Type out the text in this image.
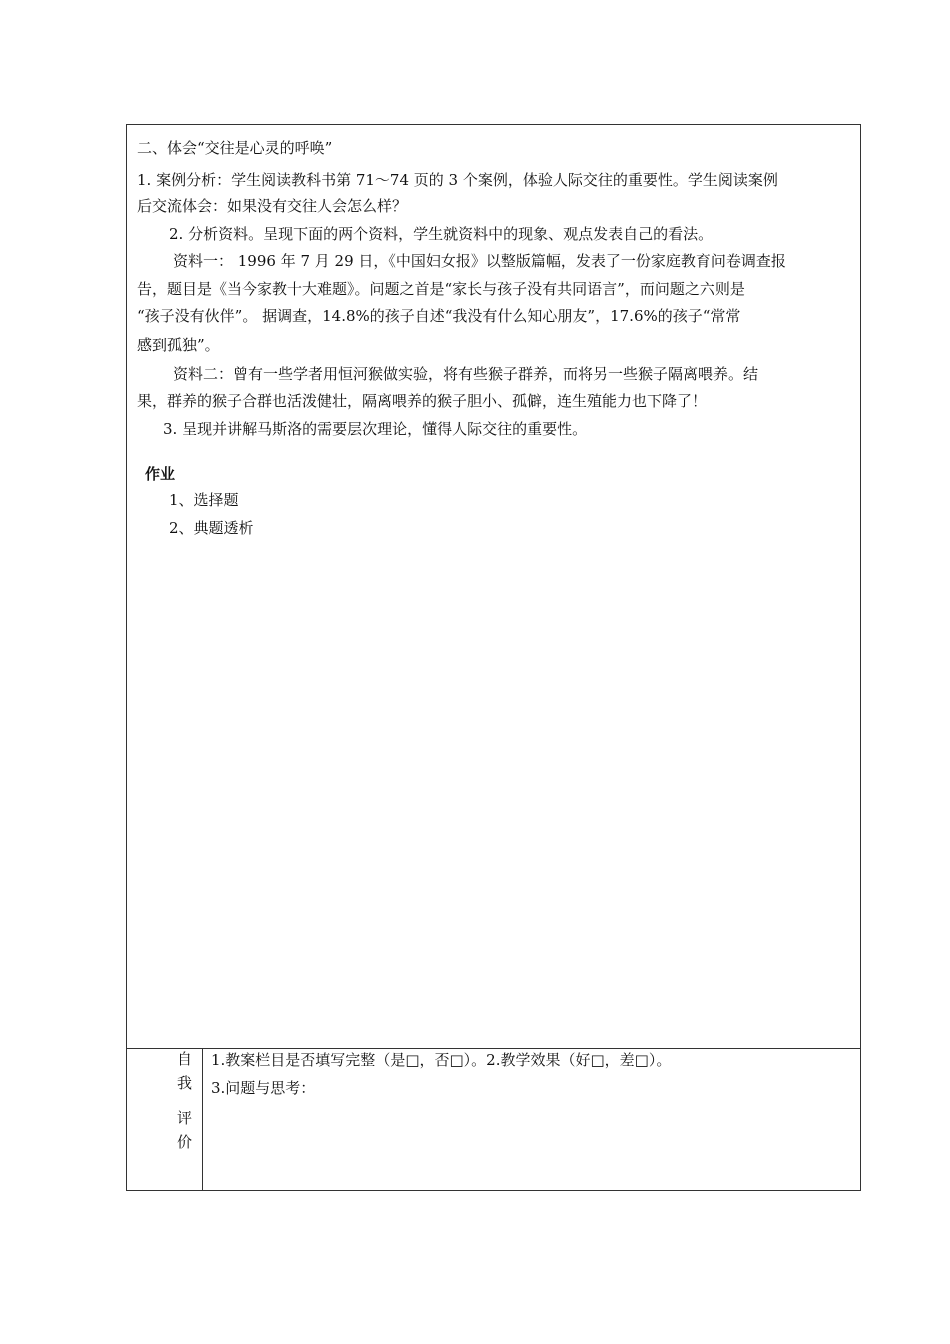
二、体会“交往是心灵的呼唤”
1. 案例分析：学生阅读教科书第 71～74 页的 3 个案例，体验人际交往的重要性。学生阅读案例
后交流体会：如果没有交往人会怎么样？
2. 分析资料。呈现下面的两个资料，学生就资料中的现象、观点发表自己的看法。
资料一： 1996 年 7 月 29 日，《中国妇女报》以整版篇幅，发表了一份家庭教育问卷调查报
告，题目是《当今家教十大难题》。问题之首是“家长与孩子没有共同语言”，而问题之六则是
“孩子没有伙伴”。 据调查，14.8%的孩子自述“我没有什么知心朋友”，17.6%的孩子“常常
感到孤独”。
资料二：曾有一些学者用恒河猴做实验，将有些猴子群养，而将另一些猴子隔离喂养。结
果，群养的猴子合群也活泼健壮，隔离喂养的猴子胆小、孤僻，连生殖能力也下降了！
3. 呈现并讲解马斯洛的需要层次理论，懂得人际交往的重要性。
作业
1、选择题
2、典题透析
自
我
评
价
1.教案栏目是否填写完整（是□，否□）。2.教学效果（好□，差□）。
3.问题与思考：
